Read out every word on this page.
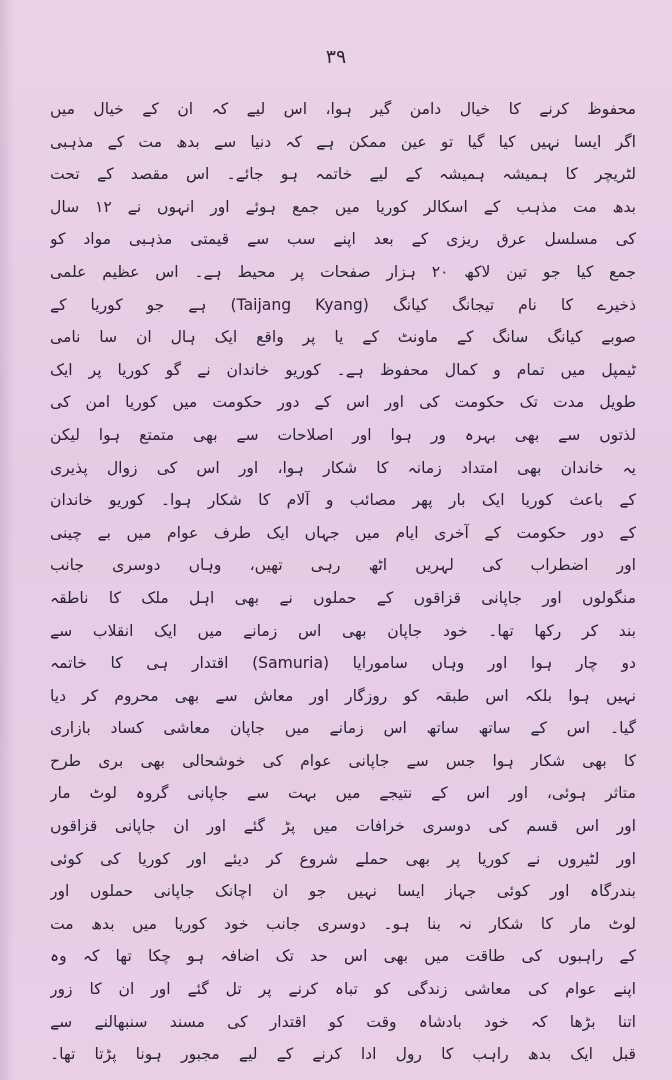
۳۹
محفوظ کرنے کا خیال دامن گیر ہوا، اس لیے کہ ان کے خیال میں
اگر ایسا نہیں کیا گیا تو عین ممکن ہے کہ دنیا سے بدھ مت کے مذہبی
لٹریچر کا ہمیشہ ہمیشہ کے لیے خاتمہ ہو جائے۔ اس مقصد کے تحت
بدھ مت مذہب کے اسکالر کوریا میں جمع ہوئے اور انہوں نے ۱۲ سال
کی مسلسل عرق ریزی کے بعد اپنے سب سے قیمتی مذہبی مواد کو
جمع کیا جو تین لاکھ ۲۰ ہزار صفحات پر محیط ہے۔ اس عظیم علمی
ذخیرے کا نام تیجانگ کیانگ (Taijang Kyang) ہے جو کوریا کے
صوبے کیانگ سانگ کے ماونٹ کے یا پر واقع ایک ہال ان سا نامی
ٹیمپل میں تمام و کمال محفوظ ہے۔ کوریو خاندان نے گو کوریا پر ایک
طویل مدت تک حکومت کی اور اس کے دور حکومت میں کوریا امن کی
لذتوں سے بھی بہرہ ور ہوا اور اصلاحات سے بھی متمتع ہوا لیکن
یہ خاندان بھی امتداد زمانہ کا شکار ہوا، اور اس کی زوال پذیری
کے باعث کوریا ایک بار پھر مصائب و آلام کا شکار ہوا۔ کوریو خاندان
کے دور حکومت کے آخری ایام میں جہاں ایک طرف عوام میں بے چینی
اور اضطراب کی لہریں اٹھ رہی تھیں، وہاں دوسری جانب
منگولوں اور جاپانی قزاقوں کے حملوں نے بھی اہل ملک کا ناطقہ
بند کر رکھا تھا۔ خود جاپان بھی اس زمانے میں ایک انقلاب سے
دو چار ہوا اور وہاں سامورایا (Samuria) اقتدار ہی کا خاتمہ
نہیں ہوا بلکہ اس طبقہ کو روزگار اور معاش سے بھی محروم کر دیا
گیا۔ اس کے ساتھ ساتھ اس زمانے میں جاپان معاشی کساد بازاری
کا بھی شکار ہوا جس سے جاپانی عوام کی خوشحالی بھی بری طرح
متاثر ہوئی، اور اس کے نتیجے میں بہت سے جاپانی گروہ لوٹ مار
اور اس قسم کی دوسری خرافات میں پڑ گئے اور ان جاپانی قزاقوں
اور لٹیروں نے کوریا پر بھی حملے شروع کر دیئے اور کوریا کی کوئی
بندرگاہ اور کوئی جہاز ایسا نہیں جو ان اچانک جاپانی حملوں اور
لوٹ مار کا شکار نہ بنا ہو۔ دوسری جانب خود کوریا میں بدھ مت
کے راہبوں کی طاقت میں بھی اس حد تک اضافہ ہو چکا تھا کہ وہ
اپنے عوام کی معاشی زندگی کو تباہ کرنے پر تل گئے اور ان کا زور
اتنا بڑھا کہ خود بادشاہ وقت کو اقتدار کی مسند سنبھالنے سے
قبل ایک بدھ راہب کا رول ادا کرنے کے لیے مجبور ہونا پڑتا تھا۔
